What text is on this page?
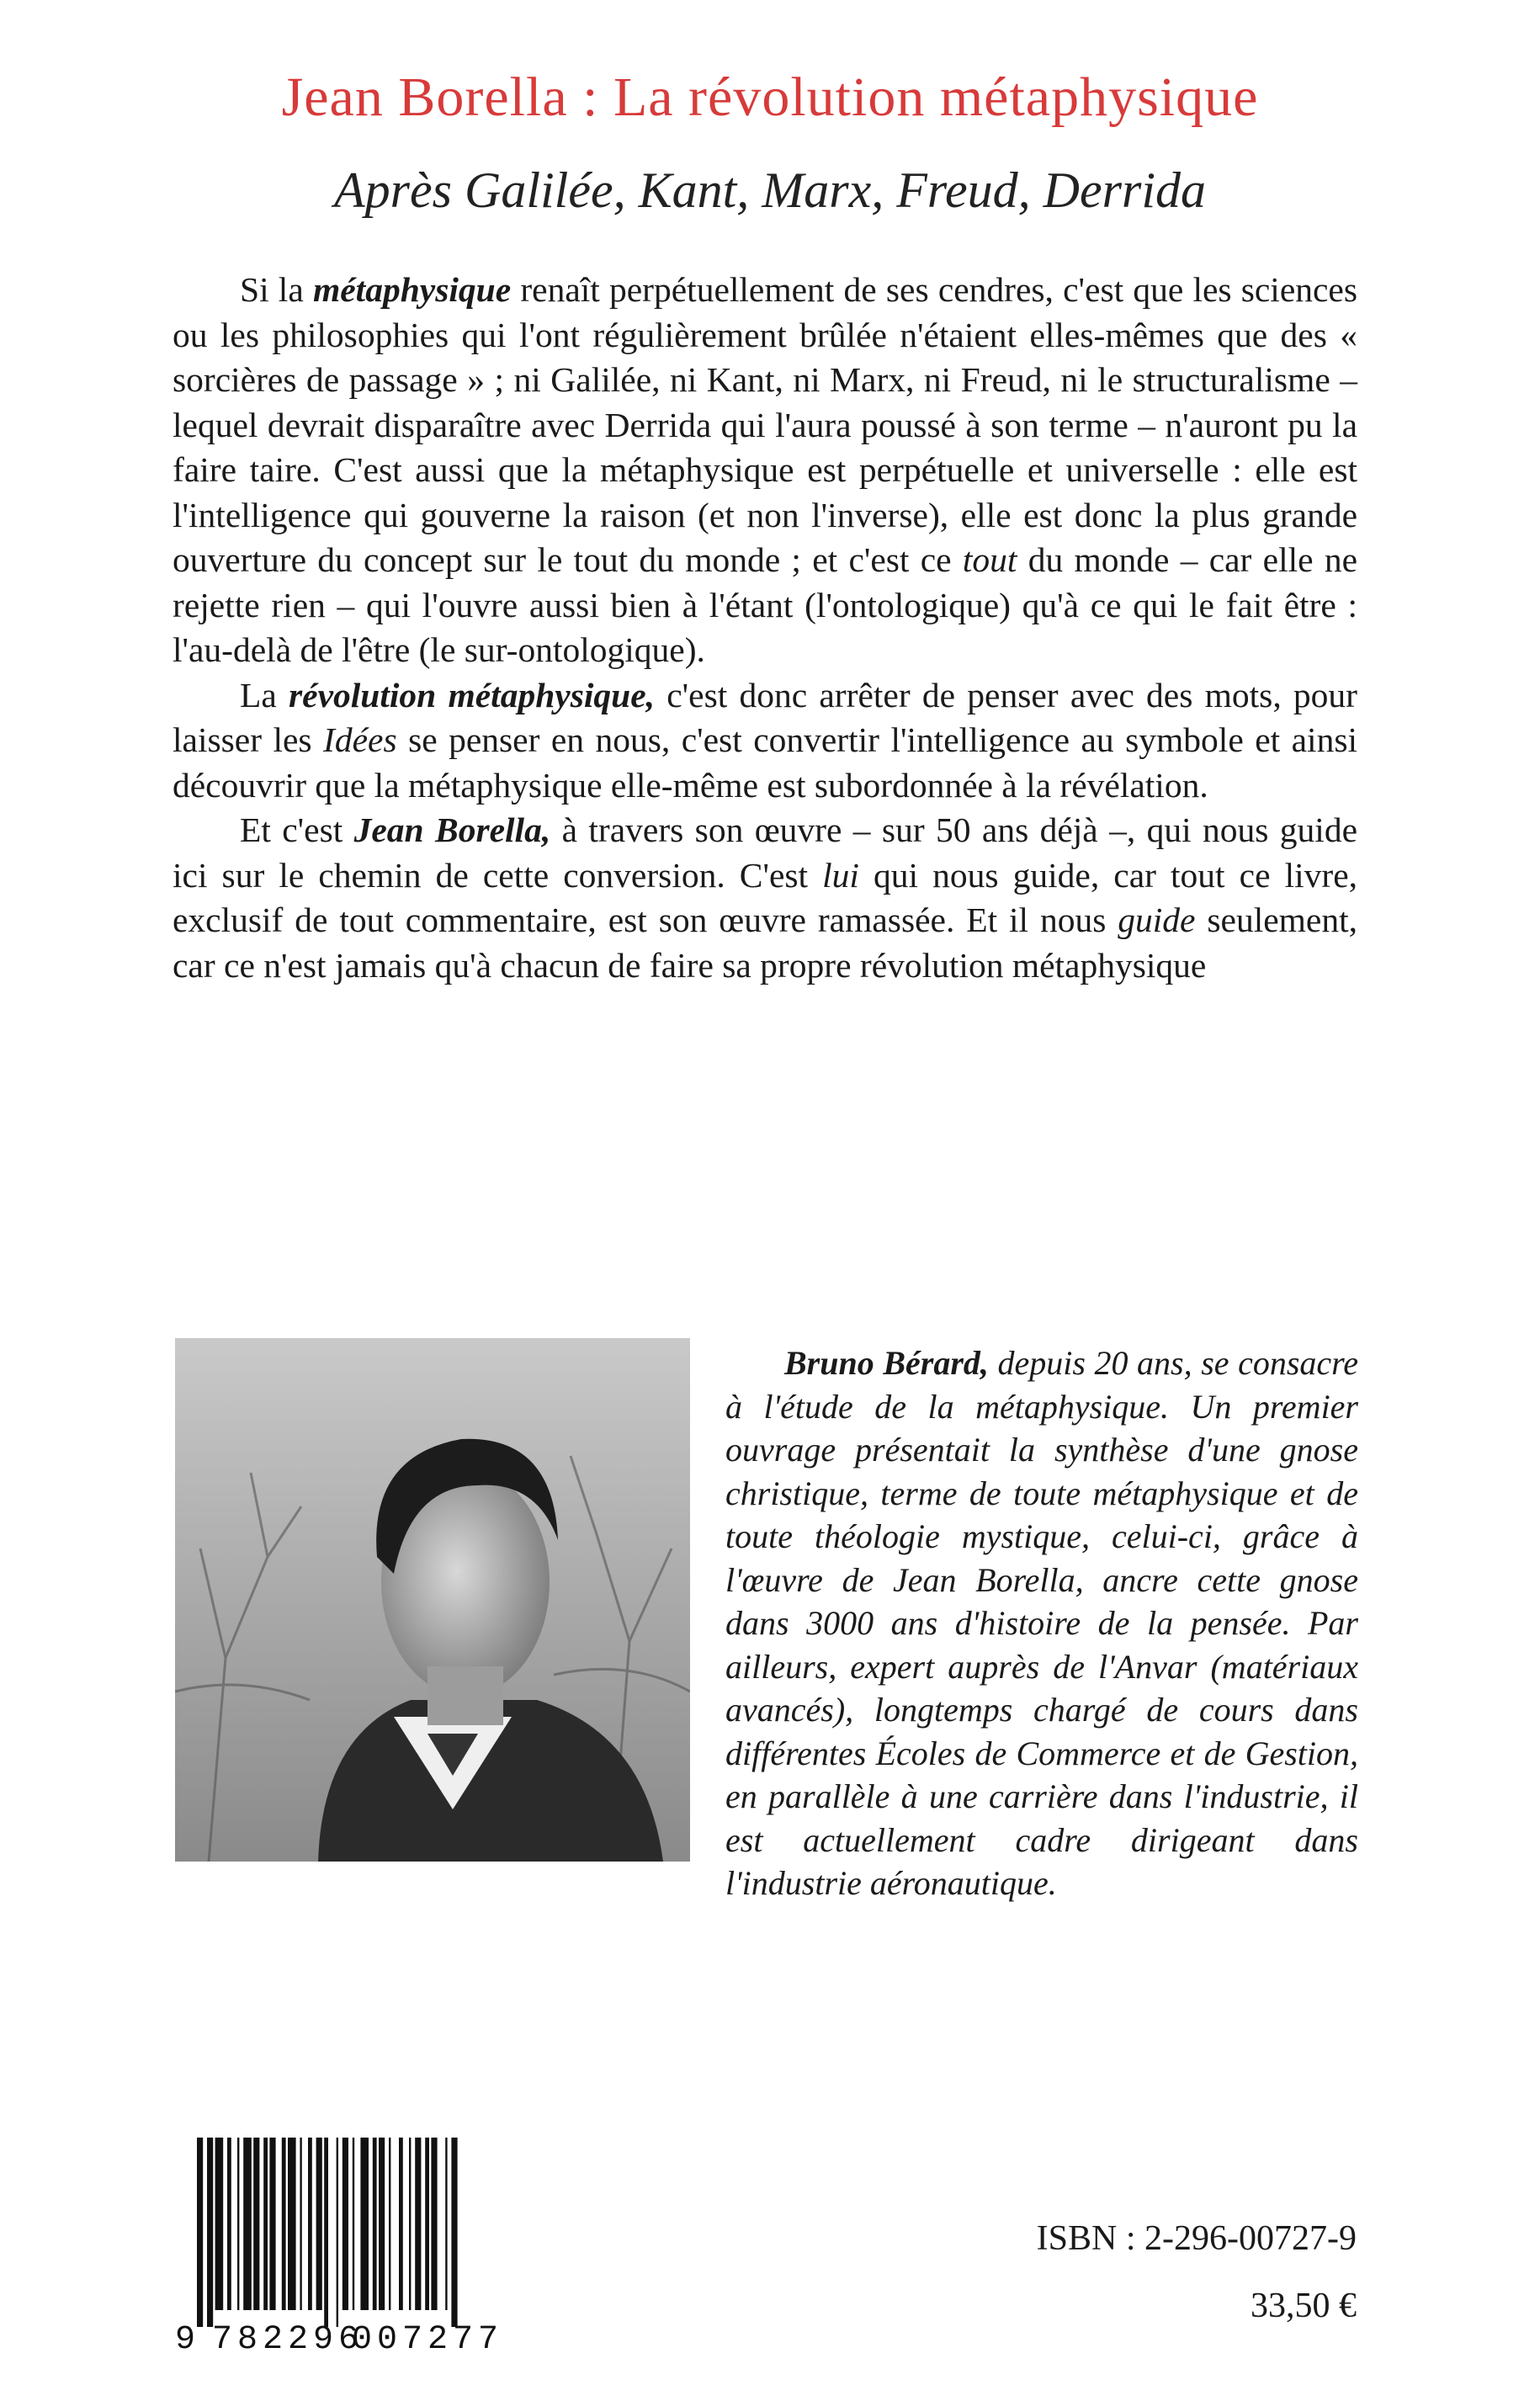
Jean Borella : La révolution métaphysique
Après Galilée, Kant, Marx, Freud, Derrida

Si la métaphysique renaît perpétuellement de ses cendres, c'est que les sciences ou les philosophies qui l'ont régulièrement brûlée n'étaient elles-mêmes que des « sorcières de passage » ; ni Galilée, ni Kant, ni Marx, ni Freud, ni le structuralisme – lequel devrait disparaître avec Derrida qui l'aura poussé à son terme – n'auront pu la faire taire. C'est aussi que la métaphysique est perpétuelle et universelle : elle est l'intelligence qui gouverne la raison (et non l'inverse), elle est donc la plus grande ouverture du concept sur le tout du monde ; et c'est ce tout du monde – car elle ne rejette rien – qui l'ouvre aussi bien à l'étant (l'ontologique) qu'à ce qui le fait être : l'au-delà de l'être (le sur-ontologique).

La révolution métaphysique, c'est donc arrêter de penser avec des mots, pour laisser les Idées se penser en nous, c'est convertir l'intelligence au symbole et ainsi découvrir que la métaphysique elle-même est subordonnée à la révélation.

Et c'est Jean Borella, à travers son œuvre – sur 50 ans déjà –, qui nous guide ici sur le chemin de cette conversion. C'est lui qui nous guide, car tout ce livre, exclusif de tout commentaire, est son œuvre ramassée. Et il nous guide seulement, car ce n'est jamais qu'à chacun de faire sa propre révolution métaphysique

Bruno Bérard, depuis 20 ans, se consacre à l'étude de la métaphysique. Un premier ouvrage présentait la synthèse d'une gnose christique, terme de toute métaphysique et de toute théologie mystique, celui-ci, grâce à l'œuvre de Jean Borella, ancre cette gnose dans 3000 ans d'histoire de la pensée. Par ailleurs, expert auprès de l'Anvar (matériaux avancés), longtemps chargé de cours dans différentes Écoles de Commerce et de Gestion, en parallèle à une carrière dans l'industrie, il est actuellement cadre dirigeant dans l'industrie aéronautique.

9 782296
007277
ISBN : 2-296-00727-9
33,50 €
